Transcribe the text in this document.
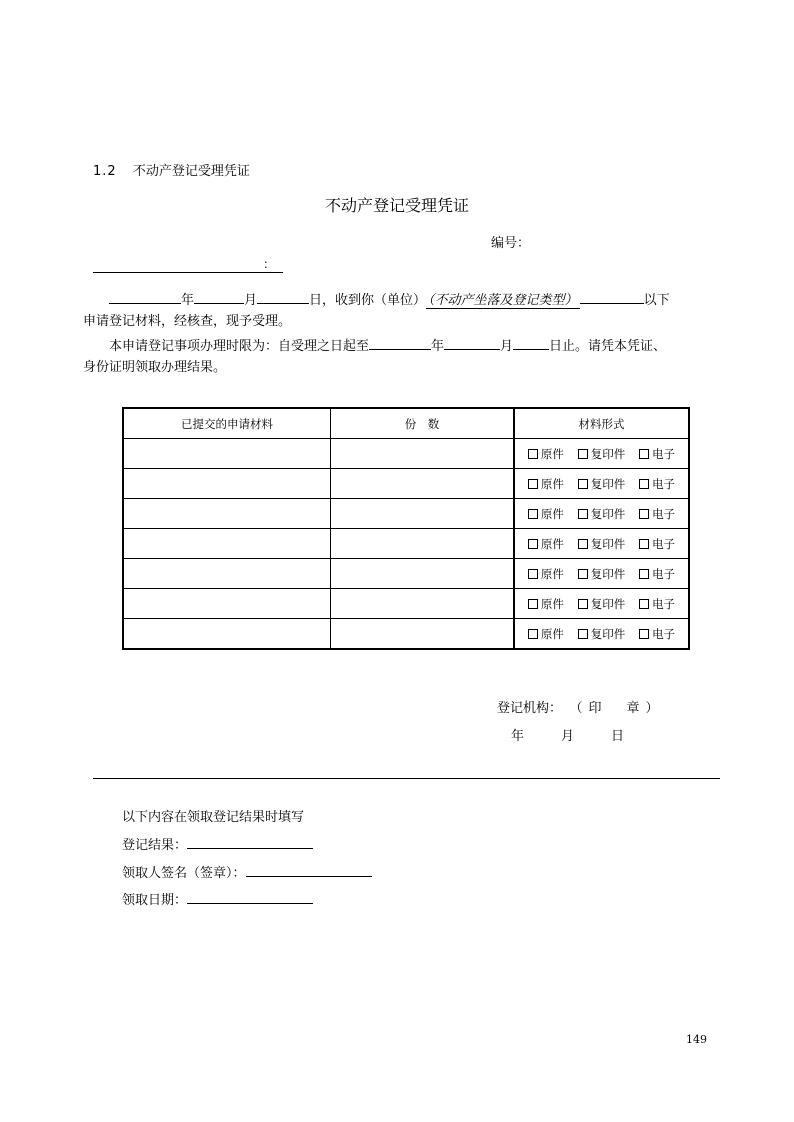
1.2 不动产登记受理凭证
不动产登记受理凭证
编号：
：
年	月	日，收到你（单位） （不动产坐落及登记类型）	以下
申请登记材料，经核查，现予受理。
本申请登记事项办理时限为：自受理之日起至	年	月	日止。请凭本凭证、
身份证明领取办理结果。
已提交的申请材料	份　数	材料形式

		原件 复印件 电子

		原件 复印件 电子

		原件 复印件 电子

		原件 复印件 电子

		原件 复印件 电子

		原件 复印件 电子

		原件 复印件 电子
登记机构： （印　章）
年	月	日
以下内容在领取登记结果时填写
登记结果：
领取人签名（签章）：
领取日期：
149
